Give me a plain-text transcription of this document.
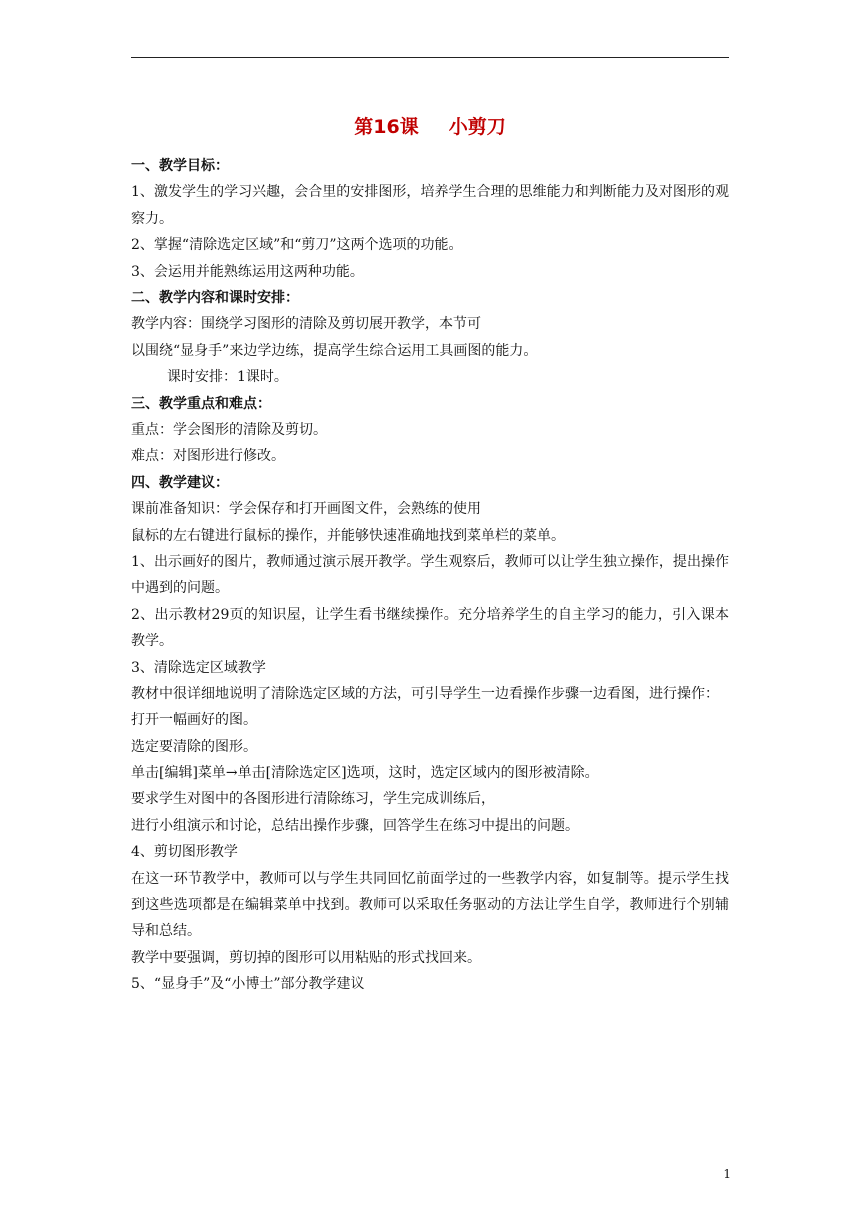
第16课 小剪刀
一、教学目标：
1、激发学生的学习兴趣，会合里的安排图形，培养学生合理的思维能力和判断能力及对图形的观察力。
2、掌握“清除选定区域”和“剪刀”这两个选项的功能。
3、会运用并能熟练运用这两种功能。
二、教学内容和课时安排：
教学内容：围绕学习图形的清除及剪切展开教学，本节可
以围绕“显身手”来边学边练，提高学生综合运用工具画图的能力。
课时安排：1课时。
三、教学重点和难点：
重点：学会图形的清除及剪切。
难点：对图形进行修改。
四、教学建议：
课前准备知识：学会保存和打开画图文件，会熟练的使用
鼠标的左右键进行鼠标的操作，并能够快速准确地找到菜单栏的菜单。
1、出示画好的图片，教师通过演示展开教学。学生观察后，教师可以让学生独立操作，提出操作中遇到的问题。
2、出示教材29页的知识屋，让学生看书继续操作。充分培养学生的自主学习的能力，引入课本教学。
3、清除选定区域教学
教材中很详细地说明了清除选定区域的方法，可引导学生一边看操作步骤一边看图，进行操作：
打开一幅画好的图。
选定要清除的图形。
单击[编辑]菜单→单击[清除选定区]选项，这时，选定区域内的图形被清除。
要求学生对图中的各图形进行清除练习，学生完成训练后，
进行小组演示和讨论，总结出操作步骤，回答学生在练习中提出的问题。
4、剪切图形教学
在这一环节教学中，教师可以与学生共同回忆前面学过的一些教学内容，如复制等。提示学生找到这些选项都是在编辑菜单中找到。教师可以采取任务驱动的方法让学生自学，教师进行个别辅导和总结。
教学中要强调，剪切掉的图形可以用粘贴的形式找回来。
5、“显身手”及“小博士”部分教学建议
1
